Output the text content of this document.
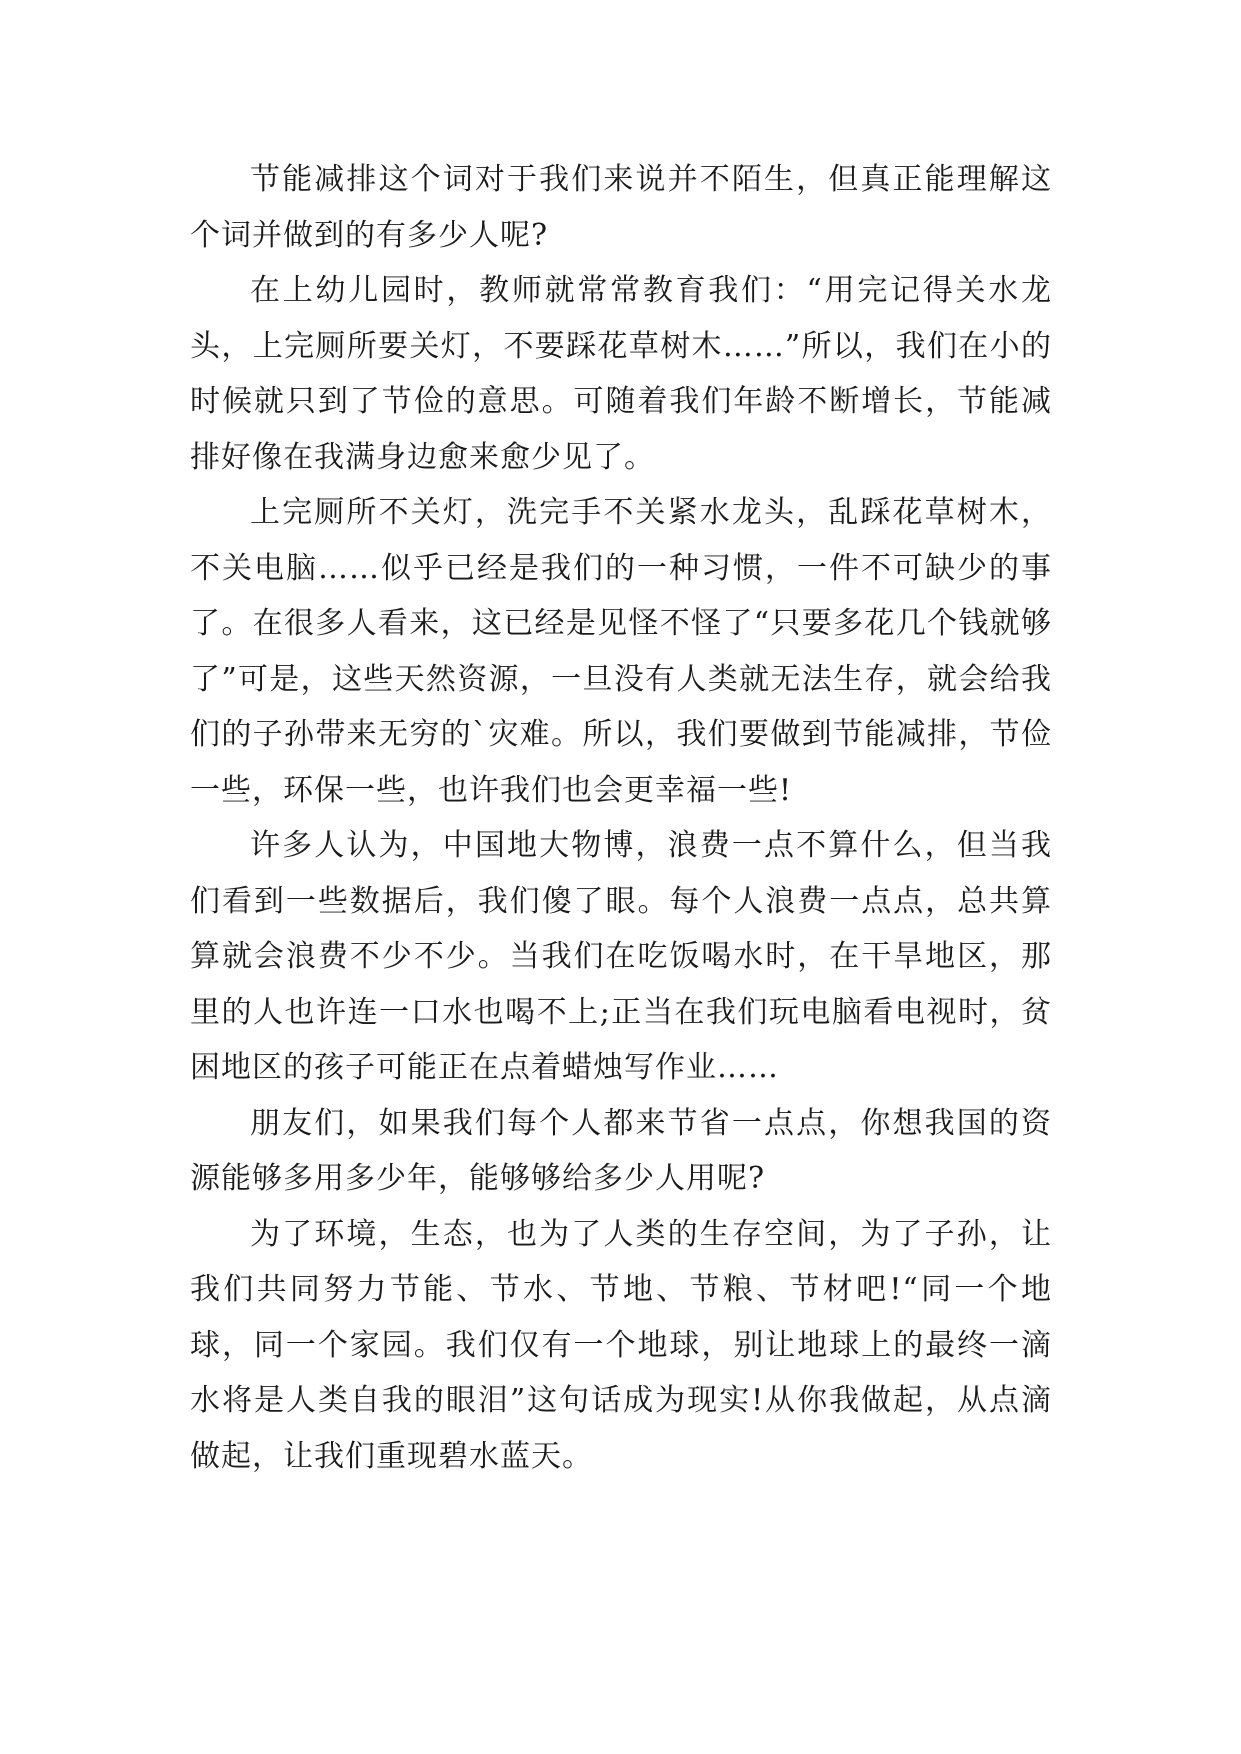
节能减排这个词对于我们来说并不陌生，但真正能理解这个词并做到的有多少人呢?

在上幼儿园时，教师就常常教育我们：“用完记得关水龙头，上完厕所要关灯，不要踩花草树木……”所以，我们在小的时候就只到了节俭的意思。可随着我们年龄不断增长，节能减排好像在我满身边愈来愈少见了。

上完厕所不关灯，洗完手不关紧水龙头，乱踩花草树木，不关电脑……似乎已经是我们的一种习惯，一件不可缺少的事了。在很多人看来，这已经是见怪不怪了“只要多花几个钱就够了”可是，这些天然资源，一旦没有人类就无法生存，就会给我们的子孙带来无穷的`灾难。所以，我们要做到节能减排，节俭一些，环保一些，也许我们也会更幸福一些!

许多人认为，中国地大物博，浪费一点不算什么，但当我们看到一些数据后，我们傻了眼。每个人浪费一点点，总共算算就会浪费不少不少。当我们在吃饭喝水时，在干旱地区，那里的人也许连一口水也喝不上;正当在我们玩电脑看电视时，贫困地区的孩子可能正在点着蜡烛写作业……

朋友们，如果我们每个人都来节省一点点，你想我国的资源能够多用多少年，能够够给多少人用呢?

为了环境，生态，也为了人类的生存空间，为了子孙，让我们共同努力节能、节水、节地、节粮、节材吧!“同一个地球，同一个家园。我们仅有一个地球，别让地球上的最终一滴水将是人类自我的眼泪”这句话成为现实!从你我做起，从点滴做起，让我们重现碧水蓝天。
